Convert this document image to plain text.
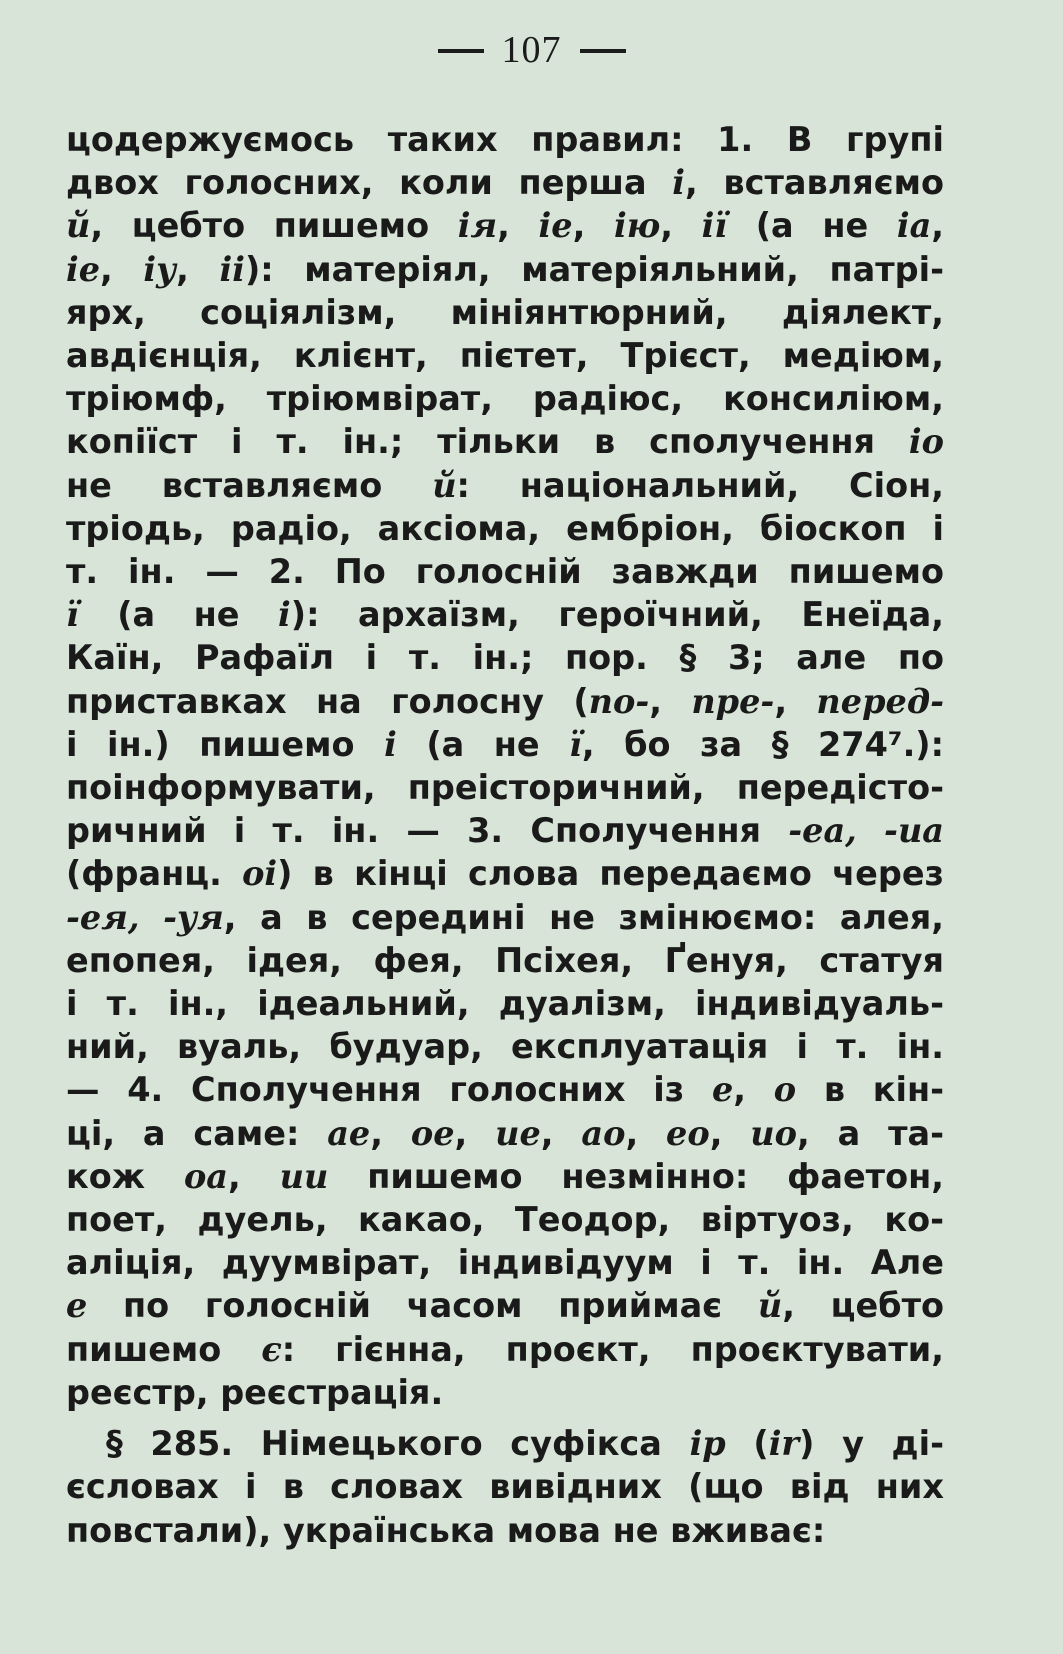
107
цодержуємось таких правил: 1. В групі
двох голосних, коли перша і, вставляємо
й, цебто пишемо ія, іе, ію, ії (а не іа,
іе, іу, іі): матеріял, матеріяльний, патрі-
ярх, соціялізм, мініянтюрний, діялект,
авдієнція, клієнт, пієтет, Трієст, медіюм,
тріюмф, тріюмвірат, радіюс, консиліюм,
копіїст і т. ін.; тільки в сполучення іо
не вставляємо й: національний, Сіон,
тріодь, радіо, аксіома, ембріон, біоскоп і
т. ін. — 2. По голосній завжди пишемо
ї (а не і): архаїзм, героїчний, Енеїда,
Каїн, Рафаїл і т. ін.; пор. § 3; але по
приставках на голосну (по-, пре-, перед-
і ін.) пишемо і (а не ї, бо за § 274⁷.):
поінформувати, преісторичний, передісто-
ричний і т. ін. — 3. Сполучення -еа, -иа
(франц. оі) в кінці слова передаємо через
-ея, -уя, а в середині не змінюємо: алея,
епопея, ідея, фея, Псіхея, Ґенуя, статуя
і т. ін., ідеальний, дуалізм, індивідуаль-
ний, вуаль, будуар, експлуатація і т. ін.
— 4. Сполучення голосних із е, о в кін-
ці, а саме: ае, ое, ие, ао, ео, ио, а та-
кож оа, ии пишемо незмінно: фаетон,
поет, дуель, какао, Теодор, віртуоз, ко-
аліція, дуумвірат, індивідуум і т. ін. Але
е по голосній часом приймає й, цебто
пишемо є: гієнна, проєкт, проєктувати,
реєстр, реєстрація.
§ 285. Німецького суфікса ір (ir) у ді-
єсловах і в словах вивідних (що від них
повстали), українська мова не вживає:
